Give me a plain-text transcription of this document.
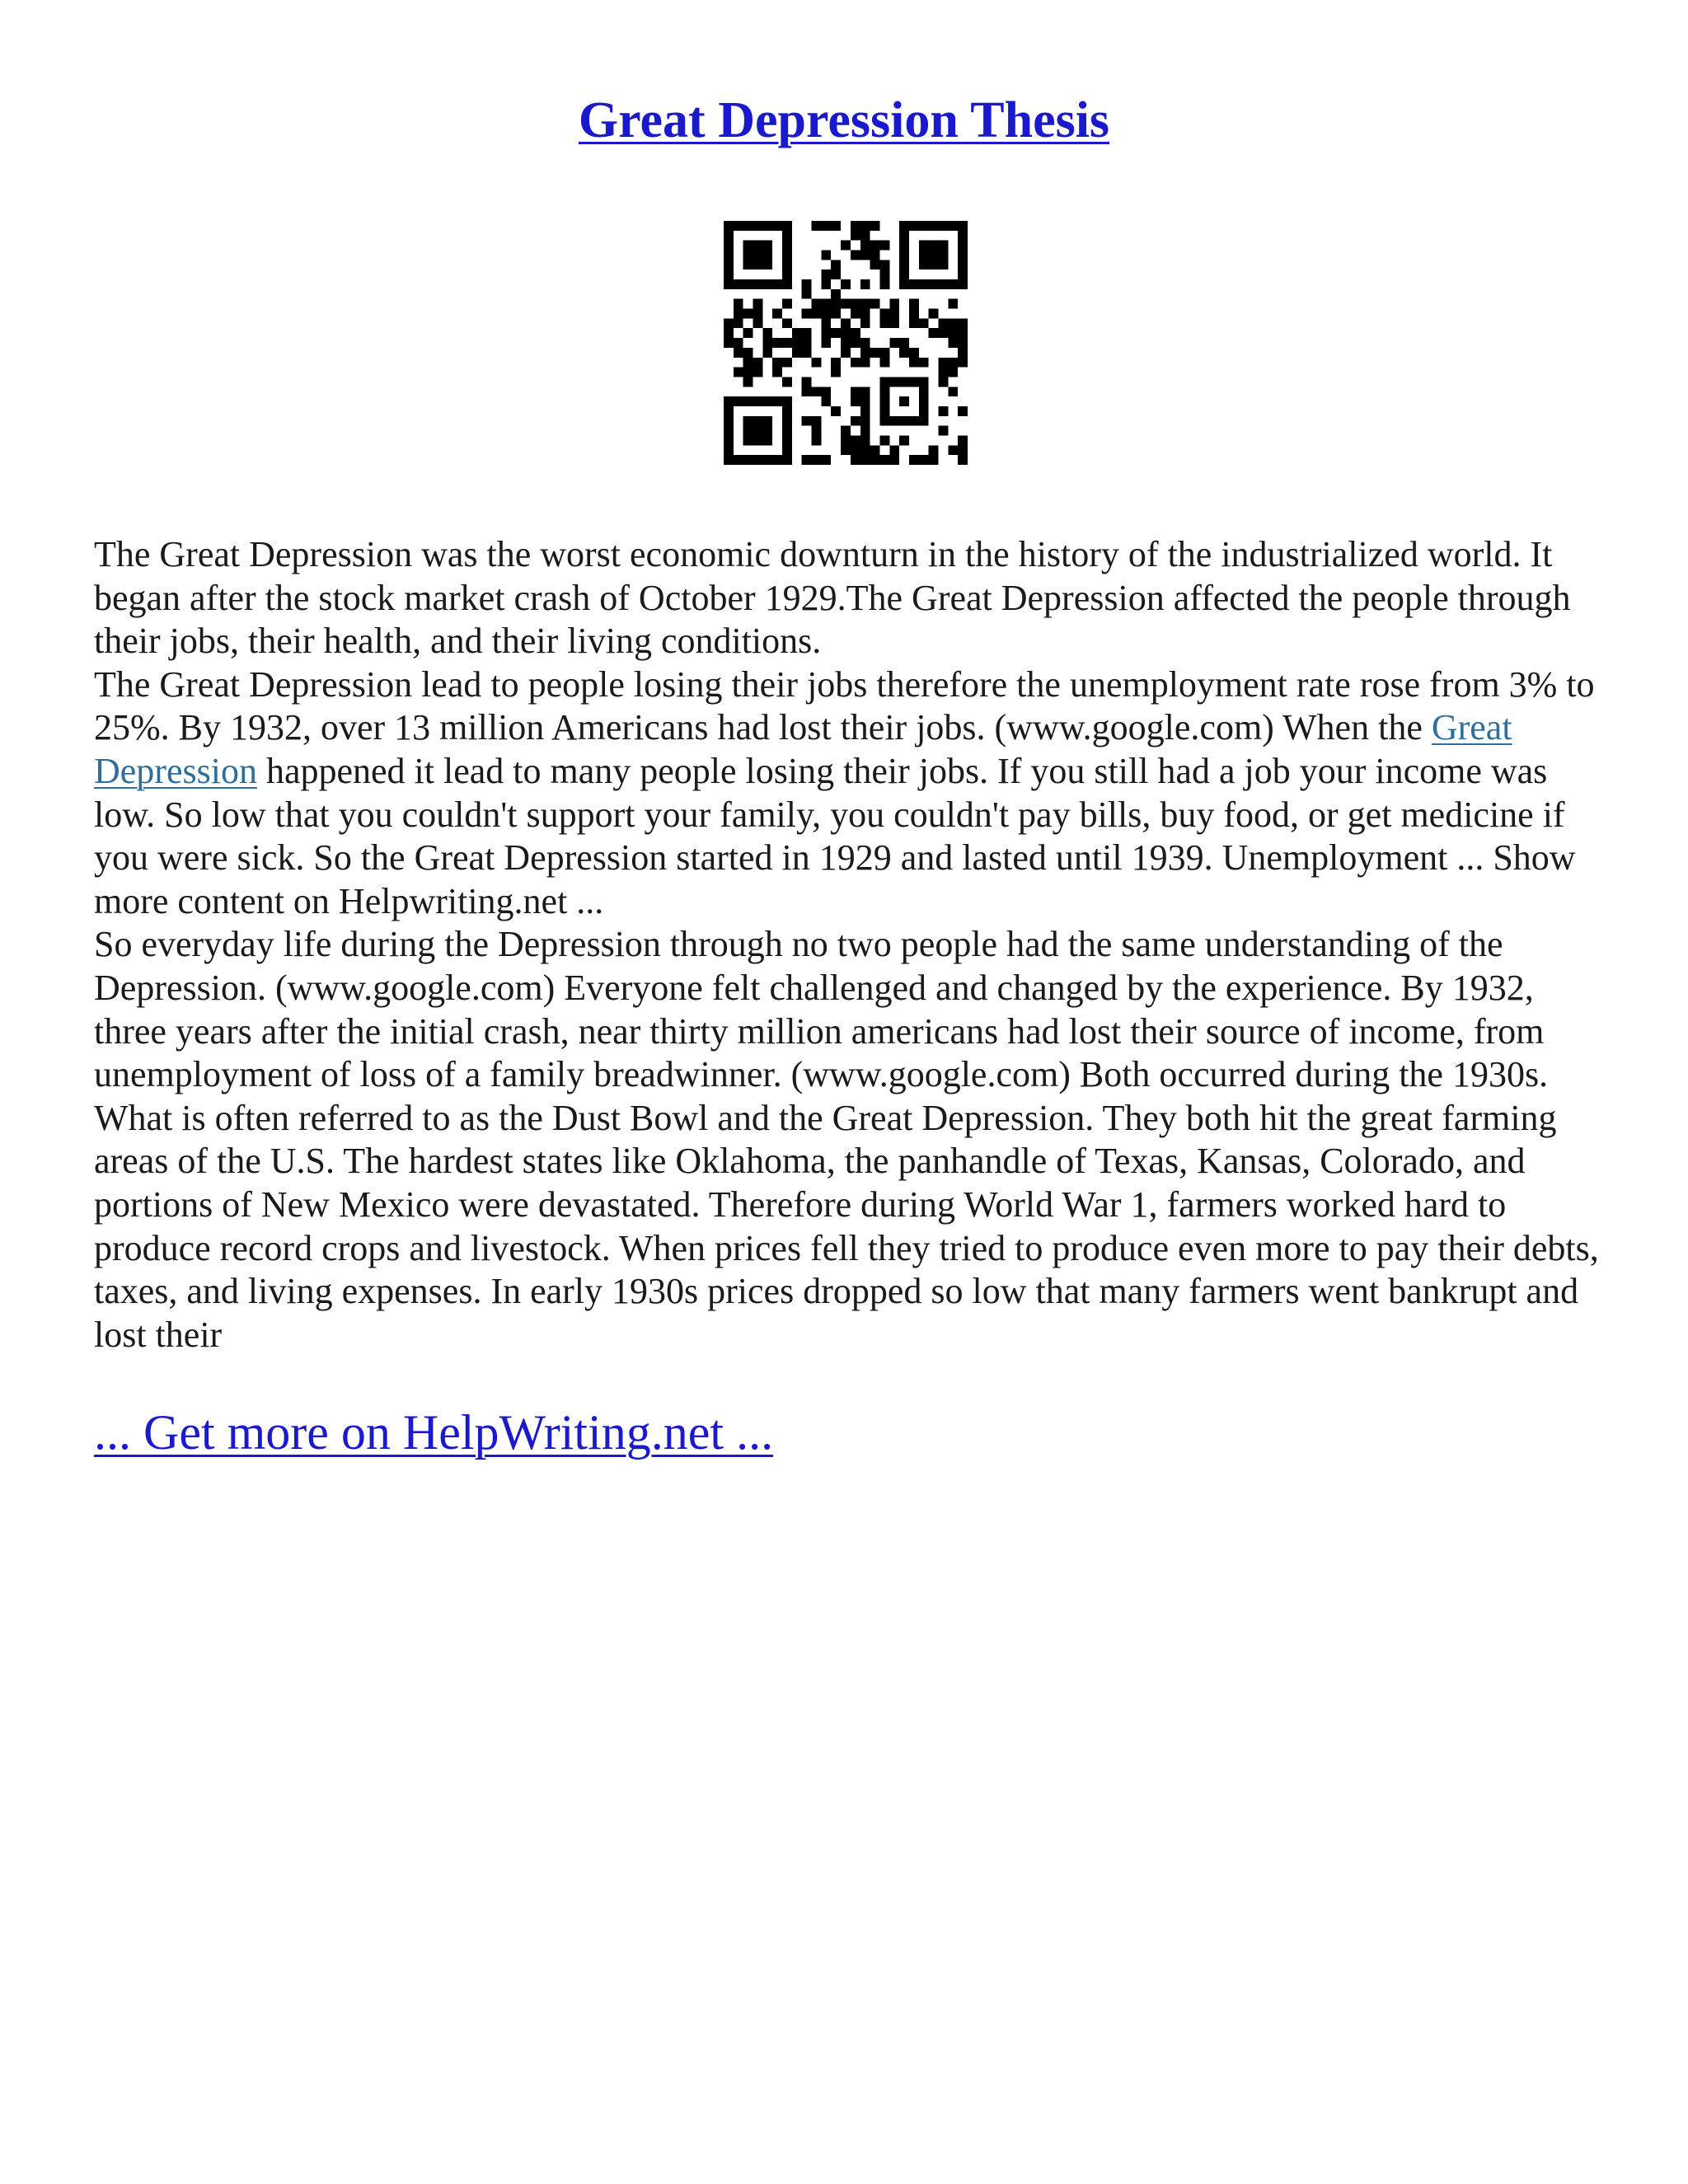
Great Depression Thesis

The Great Depression was the worst economic downturn in the history of the industrialized world. It began after the stock market crash of October 1929.The Great Depression affected the people through their jobs, their health, and their living conditions.

The Great Depression lead to people losing their jobs therefore the unemployment rate rose from 3% to 25%. By 1932, over 13 million Americans had lost their jobs. (www.google.com) When the Great Depression happened it lead to many people losing their jobs. If you still had a job your income was low. So low that you couldn't support your family, you couldn't pay bills, buy food, or get medicine if you were sick. So the Great Depression started in 1929 and lasted until 1939. Unemployment ... Show more content on Helpwriting.net ...

So everyday life during the Depression through no two people had the same understanding of the Depression. (www.google.com) Everyone felt challenged and changed by the experience. By 1932, three years after the initial crash, near thirty million americans had lost their source of income, from unemployment of loss of a family breadwinner. (www.google.com) Both occurred during the 1930s. What is often referred to as the Dust Bowl and the Great Depression. They both hit the great farming areas of the U.S. The hardest states like Oklahoma, the panhandle of Texas, Kansas, Colorado, and portions of New Mexico were devastated. Therefore during World War 1, farmers worked hard to produce record crops and livestock. When prices fell they tried to produce even more to pay their debts, taxes, and living expenses. In early 1930s prices dropped so low that many farmers went bankrupt and lost their

... Get more on HelpWriting.net ...
